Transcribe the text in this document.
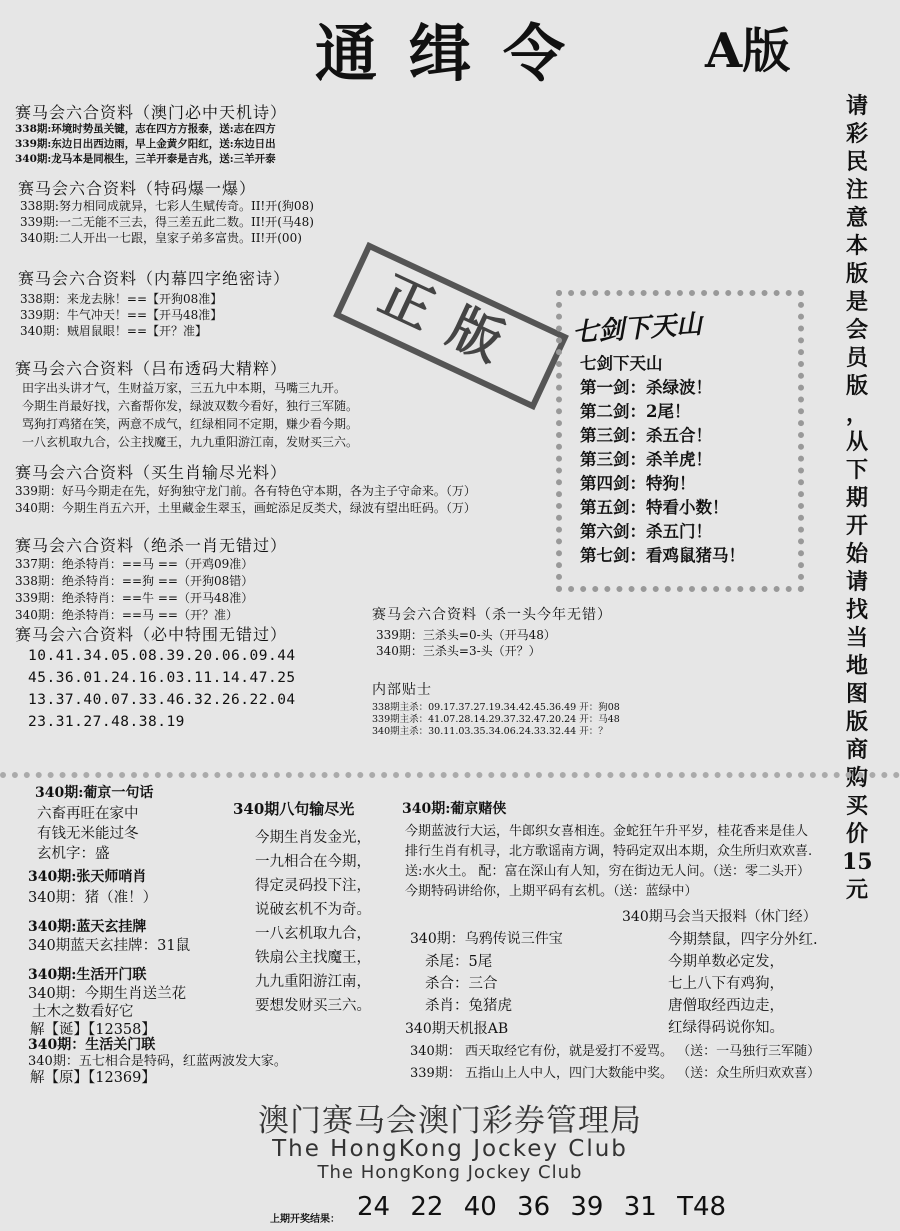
通缉令 A版
赛马会六合资料（澳门必中天机诗）
338期:环境时势虽关键，志在四方方报泰，送:志在四方
339期:东边日出西边雨，早上金黄夕阳红，送:东边日出
340期:龙马本是同根生，三羊开泰是吉兆，送:三羊开泰
赛马会六合资料（特码爆一爆）
338期:努力相同成就异，七彩人生赋传奇。II!开(狗08)
339期:一二无能不三去，得三差五此二数。II!开(马48)
340期:二人开出一七跟，皇家子弟多富贵。II!开(00)
赛马会六合资料（内幕四字绝密诗）
338期：来龙去脉！==【开狗08准】
339期：牛气冲天！==【开马48准】
340期：贼眉鼠眼！==【开？准】	正版
赛马会六合资料（吕布透码大精粹）
田字出头讲才气，生财益万家，三五九中本期，马嘴三九开。
今期生肖最好找，六畜帮你发，绿波双数今看好，独行三军随。
骂狗打鸡猪在笑，两意不成气，红绿相同不定期，赚少看今期。
一八玄机取九合，公主找魔王，九九重阳游江南，发财买三六。
赛马会六合资料（买生肖输尽光料）
339期：好马今期走在先，好狗独守龙门前。各有特色守本期，各为主子守命来。（万）
340期：今期生肖五六开，土里藏金生翠玉，画蛇添足反类犬，绿波有望出旺码。（万）
赛马会六合资料（绝杀一肖无错过）
337期：绝杀特肖：==马 ==（开鸡09准）
338期：绝杀特肖：==狗 ==（开狗08错）
339期：绝杀特肖：==牛 ==（开马48准）
340期：绝杀特肖：==马 ==（开？准）
赛马会六合资料（必中特围无错过）
10.41.34.05.08.39.20.06.09.44
45.36.01.24.16.03.11.14.47.25
13.37.40.07.33.46.32.26.22.04
23.31.27.48.38.19
七剑下天山
七剑下天山
第一剑：杀绿波！
第二剑：2尾！
第三剑：杀五合！
第三剑：杀羊虎！
第四剑：特狗！
第五剑：特看小数！
第六剑：杀五门！
第七剑：看鸡鼠猪马！
请
彩
民
注
意
本
版
是
会
员
版
，
从
下
期
开
始
请
找
当
地
图
版
商
购
买
价
15
元
赛马会六合资料（杀一头今年无错）
339期：三杀头=0-头（开马48）
340期：三杀头=3-头（开？）
内部贴士
338期主杀：09.17.37.27.19.34.42.45.36.49 开：狗08
339期主杀：41.07.28.14.29.37.32.47.20.24 开：马48
340期主杀：30.11.03.35.34.06.24.33.32.44 开：？
340期:葡京一句话
六畜再旺在家中
有钱无米能过冬
玄机字：盛
340期:张天师哨肖
340期：猪（准！）
340期:蓝天玄挂牌
340期蓝天玄挂牌：31鼠
340期:生活开门联
340期：今期生肖送兰花
土木之数看好它
解【诞】【12358】
340期：生活关门联
340期：五七相合是特码，红蓝两波发大家。
解【原】【12369】
340期八句输尽光
今期生肖发金光，
一九相合在今期，
得定灵码投下注，
说破玄机不为奇。
一八玄机取九合，
铁扇公主找魔王，
九九重阳游江南，
要想发财买三六。
340期:葡京赌侠
今期蓝波行大运，牛郎织女喜相连。金蛇狂午升平岁，桂花香来是佳人
排行生肖有机寻，北方歌谣南方调，特码定双出本期，众生所归欢欢喜.
送:水火土。 配：富在深山有人知，穷在街边无人问。（送：零二头开）
今期特码讲给你，上期平码有玄机。（送：蓝绿中）
340期：乌鸦传说三件宝
杀尾：5尾
杀合：三合
杀肖：兔猪虎
340期马会当天报料（休门经）
今期禁鼠，四字分外红.
今期单数必定发，
七上八下有鸡狗，
唐僧取经西边走，
红绿得码说你知。
340期天机报AB
340期： 西天取经它有份，就是爱打不爱骂。 （送：一马独行三军随）
339期： 五指山上人中人，四门大数能中奖。 （送：众生所归欢欢喜）
澳门赛马会澳门彩券管理局
The HongKong Jockey Club
The HongKong Jockey Club
上期开奖结果： 24 22 40 36 39 31 T48
